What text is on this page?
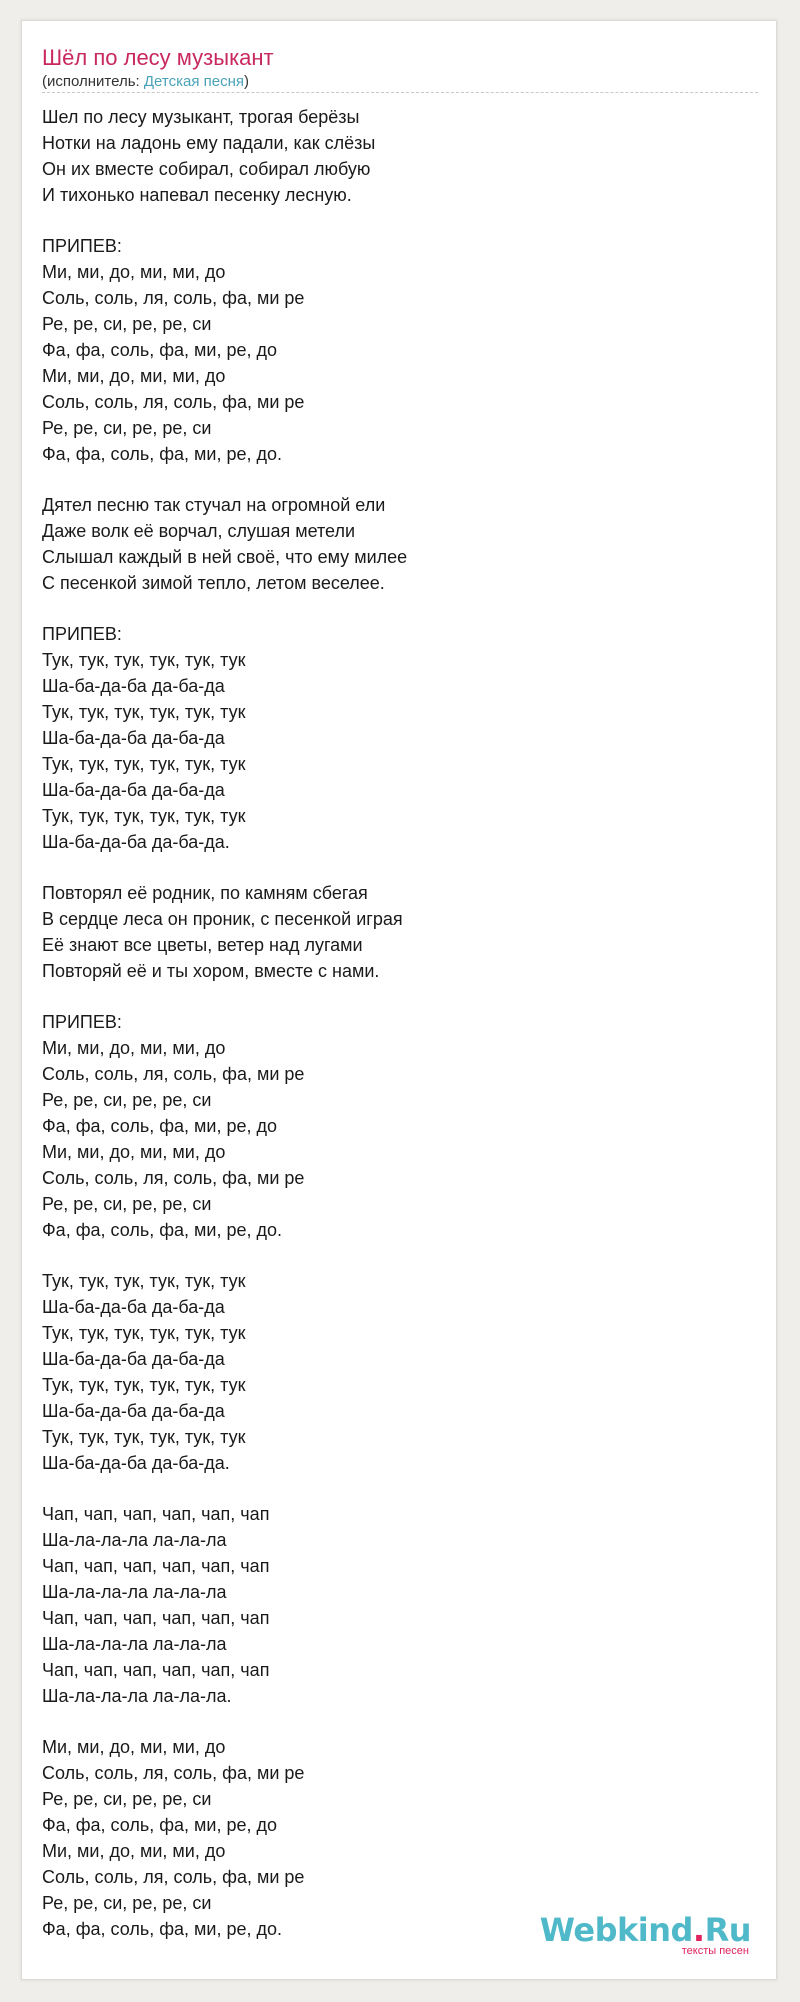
Шёл по лесу музыкант
(исполнитель: Детская песня)
Шел по лесу музыкант, трогая берёзы
Нотки на ладонь ему падали, как слёзы
Он их вместе собирал, собирал любую
И тихонько напевал песенку лесную.
ПРИПЕВ:
Ми, ми, до, ми, ми, до
Соль, соль, ля, соль, фа, ми ре
Ре, ре, си, ре, ре, си
Фа, фа, соль, фа, ми, ре, до
Ми, ми, до, ми, ми, до
Соль, соль, ля, соль, фа, ми ре
Ре, ре, си, ре, ре, си
Фа, фа, соль, фа, ми, ре, до.
Дятел песню так стучал на огромной ели
Даже волк её ворчал, слушая метели
Слышал каждый в ней своё, что ему милее
С песенкой зимой тепло, летом веселее.
ПРИПЕВ:
Тук, тук, тук, тук, тук, тук
Ша-ба-да-ба да-ба-да
Тук, тук, тук, тук, тук, тук
Ша-ба-да-ба да-ба-да
Тук, тук, тук, тук, тук, тук
Ша-ба-да-ба да-ба-да
Тук, тук, тук, тук, тук, тук
Ша-ба-да-ба да-ба-да.
Повторял её родник, по камням сбегая
В сердце леса он проник, с песенкой играя
Её знают все цветы, ветер над лугами
Повторяй её и ты хором, вместе с нами.
ПРИПЕВ:
Ми, ми, до, ми, ми, до
Соль, соль, ля, соль, фа, ми ре
Ре, ре, си, ре, ре, си
Фа, фа, соль, фа, ми, ре, до
Ми, ми, до, ми, ми, до
Соль, соль, ля, соль, фа, ми ре
Ре, ре, си, ре, ре, си
Фа, фа, соль, фа, ми, ре, до.
Тук, тук, тук, тук, тук, тук
Ша-ба-да-ба да-ба-да
Тук, тук, тук, тук, тук, тук
Ша-ба-да-ба да-ба-да
Тук, тук, тук, тук, тук, тук
Ша-ба-да-ба да-ба-да
Тук, тук, тук, тук, тук, тук
Ша-ба-да-ба да-ба-да.
Чап, чап, чап, чап, чап, чап
Ша-ла-ла-ла ла-ла-ла
Чап, чап, чап, чап, чап, чап
Ша-ла-ла-ла ла-ла-ла
Чап, чап, чап, чап, чап, чап
Ша-ла-ла-ла ла-ла-ла
Чап, чап, чап, чап, чап, чап
Ша-ла-ла-ла ла-ла-ла.
Ми, ми, до, ми, ми, до
Соль, соль, ля, соль, фа, ми ре
Ре, ре, си, ре, ре, си
Фа, фа, соль, фа, ми, ре, до
Ми, ми, до, ми, ми, до
Соль, соль, ля, соль, фа, ми ре
Ре, ре, си, ре, ре, си
Фа, фа, соль, фа, ми, ре, до.	Webkind.Ru
тексты песен
